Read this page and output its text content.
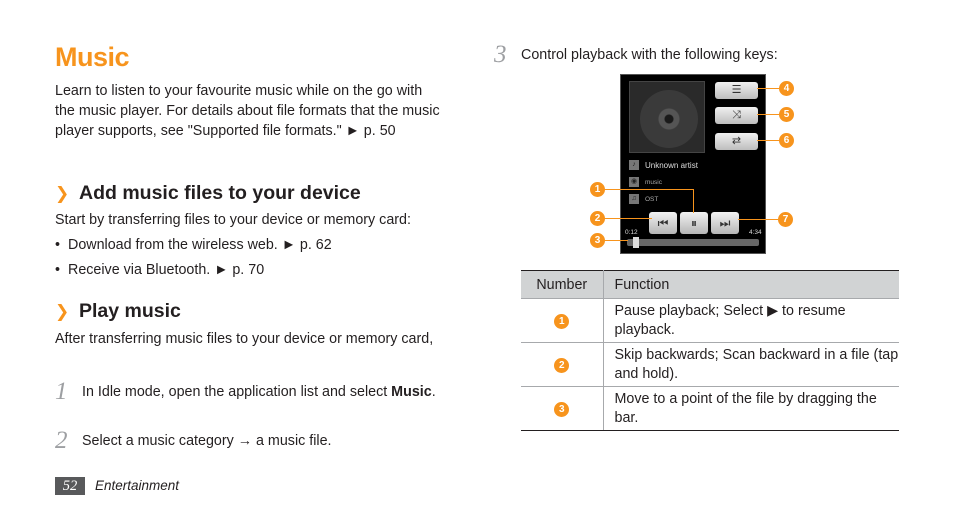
Music
Learn to listen to your favourite music while on the go with the music player. For details about file formats that the music player supports, see "Supported file formats." ► p. 50
❯ Add music files to your device
Start by transferring files to your device or memory card:
• Download from the wireless web. ► p. 62
• Receive via Bluetooth. ► p. 70
❯ Play music
After transferring music files to your device or memory card,
1 In Idle mode, open the application list and select Music.
2 Select a music category → a music file.
3 Control playback with the following keys:
☰
⤨
⇄
♪	Unknown artist
◉	music
♫	OST
⏮	⏸	⏭
0:12	4:34
1
2
3
4
5
6
7
Number	Function
1	Pause playback; Select ▶ to resume playback.
2	Skip backwards; Scan backward in a file (tap and hold).
3	Move to a point of the file by dragging the bar.
52	Entertainment
